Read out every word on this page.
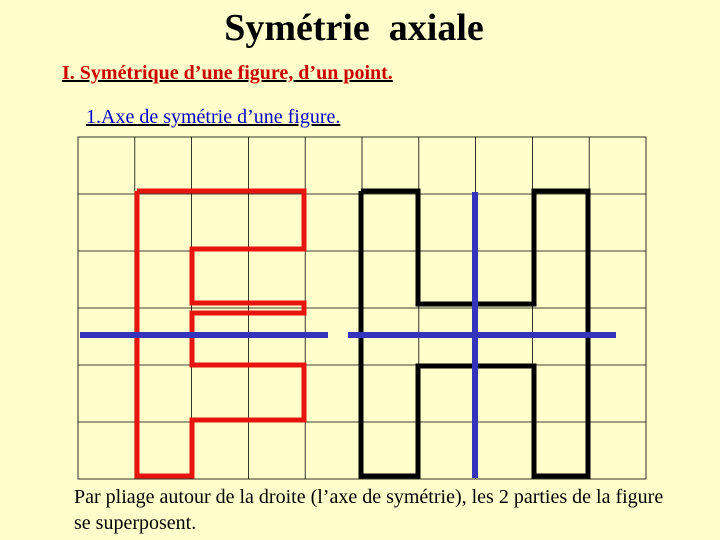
Symétrie  axiale
I. Symétrique d’une figure, d’un point.
1.Axe de symétrie d’une figure.

Par pliage autour de la droite (l’axe de symétrie), les 2 parties de la figure se superposent.
